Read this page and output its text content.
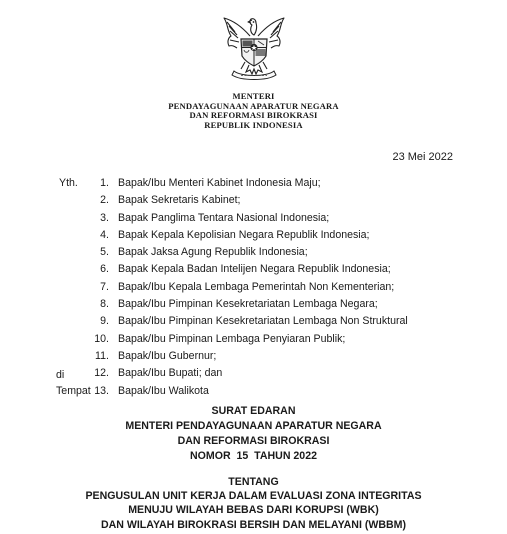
MENTERI
PENDAYAGUNAAN APARATUR NEGARA
DAN REFORMASI BIROKRASI
REPUBLIK INDONESIA
23 Mei 2022
Yth.	1. Bapak/Ibu Menteri Kabinet Indonesia Maju;
2. Bapak Sekretaris Kabinet;
3. Bapak Panglima Tentara Nasional Indonesia;
4. Bapak Kepala Kepolisian Negara Republik Indonesia;
5. Bapak Jaksa Agung Republik Indonesia;
6. Bapak Kepala Badan Intelijen Negara Republik Indonesia;
7. Bapak/Ibu Kepala Lembaga Pemerintah Non Kementerian;
8. Bapak/Ibu Pimpinan Kesekretariatan Lembaga Negara;
9. Bapak/Ibu Pimpinan Kesekretariatan Lembaga Non Struktural
10. Bapak/Ibu Pimpinan Lembaga Penyiaran Publik;
11. Bapak/Ibu Gubernur;
12. Bapak/Ibu Bupati; dan
13. Bapak/Ibu Walikota
di
Tempat
SURAT EDARAN
MENTERI PENDAYAGUNAAN APARATUR NEGARA
DAN REFORMASI BIROKRASI
NOMOR  15  TAHUN 2022
TENTANG
PENGUSULAN UNIT KERJA DALAM EVALUASI ZONA INTEGRITAS
MENUJU WILAYAH BEBAS DARI KORUPSI (WBK)
DAN WILAYAH BIROKRASI BERSIH DAN MELAYANI (WBBM)
